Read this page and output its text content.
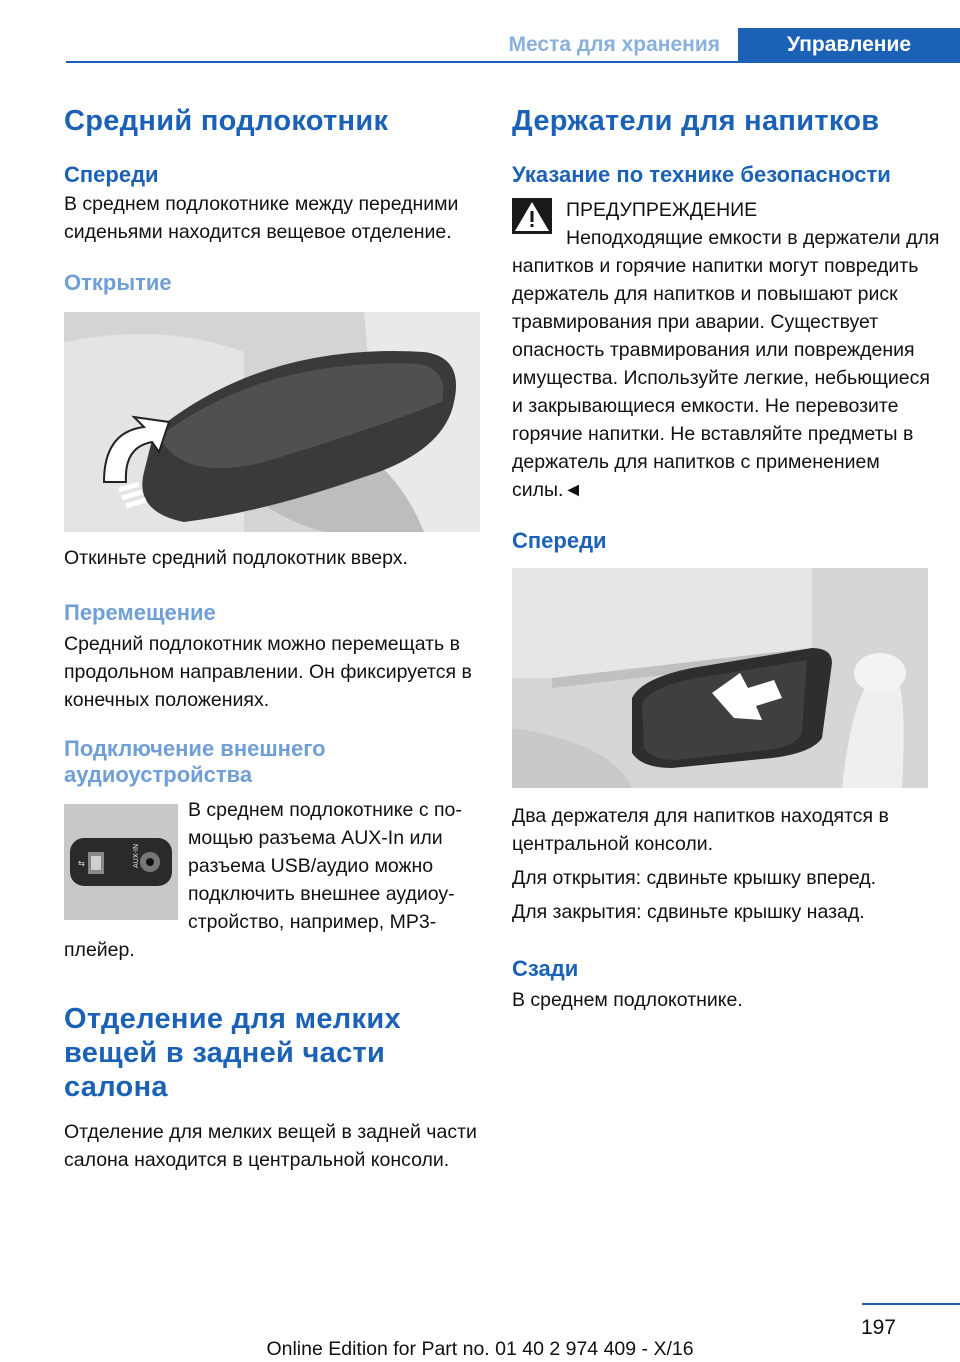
Места для хранения	Управление
Средний подлокотник
Спереди

В среднем подлокотнике между передними сиденьями находится вещевое отделение.

Открытие

Откиньте средний подлокотник вверх.

Перемещение

Средний подлокотник можно перемещать в продольном направлении. Он фиксируется в конечных положениях.

Подключение внешнего аудиоустройства
⇆	AUX-IN

В среднем подлокотнике с помощью разъема AUX-In или разъема USB/аудио можно подключить внешнее аудиоустройство, например, MP3-плейер.

Отделение для мелких вещей в задней части салона

Отделение для мелких вещей в задней части салона находится в центральной консоли.

Держатели для напитков
Указание по технике безопасности

ПРЕДУПРЕЖДЕНИЕ

Неподходящие емкости в держатели для напитков и горячие напитки могут повредить держатель для напитков и повышают риск травмирования при аварии. Существует опасность травмирования или повреждения имущества. Используйте легкие, небьющиеся и закрывающиеся емкости. Не перевозите горячие напитки. Не вставляйте предметы в держатель для напитков с применением силы.◄

Спереди

Два держателя для напитков находятся в центральной консоли.

Для открытия: сдвиньте крышку вперед.

Для закрытия: сдвиньте крышку назад.

Сзади

В среднем подлокотнике.

197
Online Edition for Part no. 01 40 2 974 409 - X/16
